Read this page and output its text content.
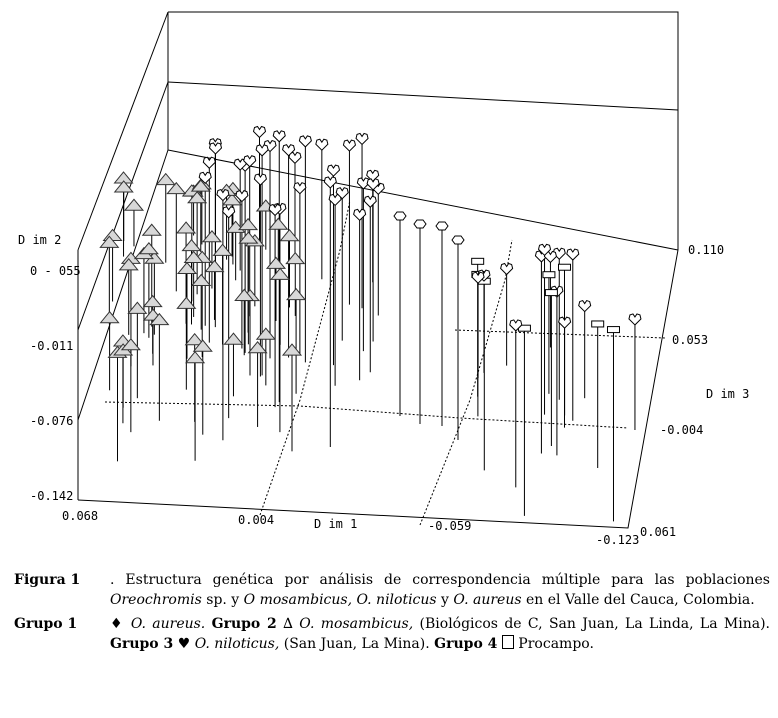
0.068	0.004	-0.059
-0.123
0 - 055
-0.011
-0.076
-0.142
0.110
0.053
-0.004
0.061
D im 1
D im 2
D im 3
Figura 1	. Estructura genética por análisis de correspondencia múltiple para las poblaciones Oreochromis sp. y O mosambicus, O. niloticus y O. aureus en el Valle del Cauca, Colombia.
Grupo 1	♦ O. aureus. Grupo 2 ∆ O. mosambicus, (Biológicos de C, San Juan, La Linda, La Mina). Grupo 3 ♥ O. niloticus, (San Juan, La Mina). Grupo 4  Procampo.
